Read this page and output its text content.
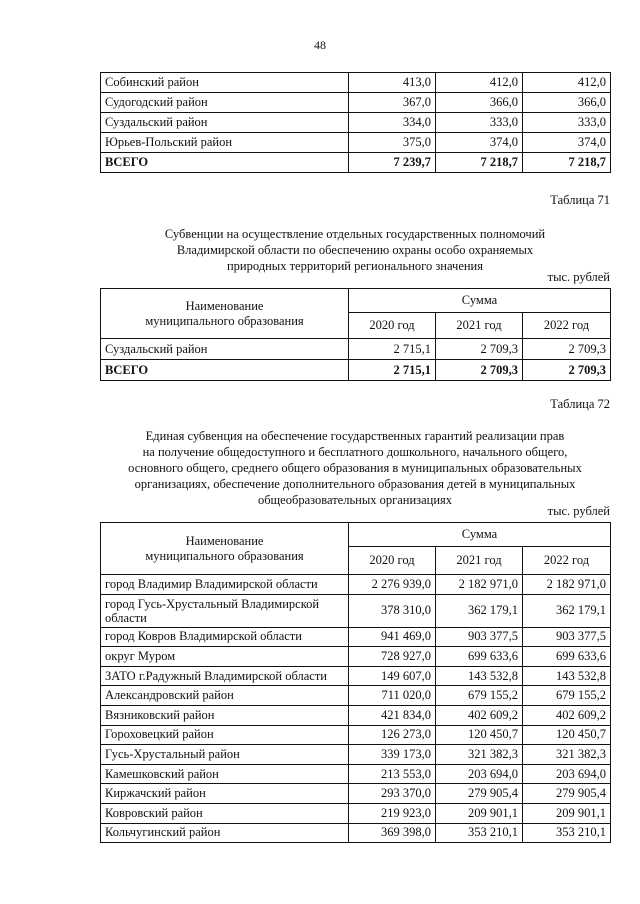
48
Собинский район	413,0	412,0	412,0
Судогодский район	367,0	366,0	366,0
Суздальский район	334,0	333,0	333,0
Юрьев-Польский район	375,0	374,0	374,0
ВСЕГО	7 239,7	7 218,7	7 218,7
Таблица 71
Субвенции на осуществление отдельных государственных полномочий
Владимирской области по обеспечению охраны особо охраняемых
природных территорий регионального значения
тыс. рублей
Наименование
муниципального образования	Сумма		
	2020 год	2021 год	2022 год
Суздальский район	2 715,1	2 709,3	2 709,3
ВСЕГО	2 715,1	2 709,3	2 709,3
Таблица 72
Единая субвенция на обеспечение государственных гарантий реализации прав
на получение общедоступного и бесплатного дошкольного, начального общего,
основного общего, среднего общего образования в муниципальных образовательных
организациях, обеспечение дополнительного образования детей в муниципальных
общеобразовательных организациях
тыс. рублей
Наименование
муниципального образования	Сумма		
	2020 год	2021 год	2022 год
город Владимир Владимирской области	2 276 939,0	2 182 971,0	2 182 971,0
город Гусь-Хрустальный Владимирской области	378 310,0	362 179,1	362 179,1
город Ковров Владимирской области	941 469,0	903 377,5	903 377,5
округ Муром	728 927,0	699 633,6	699 633,6
ЗАТО г.Радужный Владимирской области	149 607,0	143 532,8	143 532,8
Александровский район	711 020,0	679 155,2	679 155,2
Вязниковский район	421 834,0	402 609,2	402 609,2
Гороховецкий район	126 273,0	120 450,7	120 450,7
Гусь-Хрустальный район	339 173,0	321 382,3	321 382,3
Камешковский район	213 553,0	203 694,0	203 694,0
Киржачский район	293 370,0	279 905,4	279 905,4
Ковровский район	219 923,0	209 901,1	209 901,1
Кольчугинский район	369 398,0	353 210,1	353 210,1
